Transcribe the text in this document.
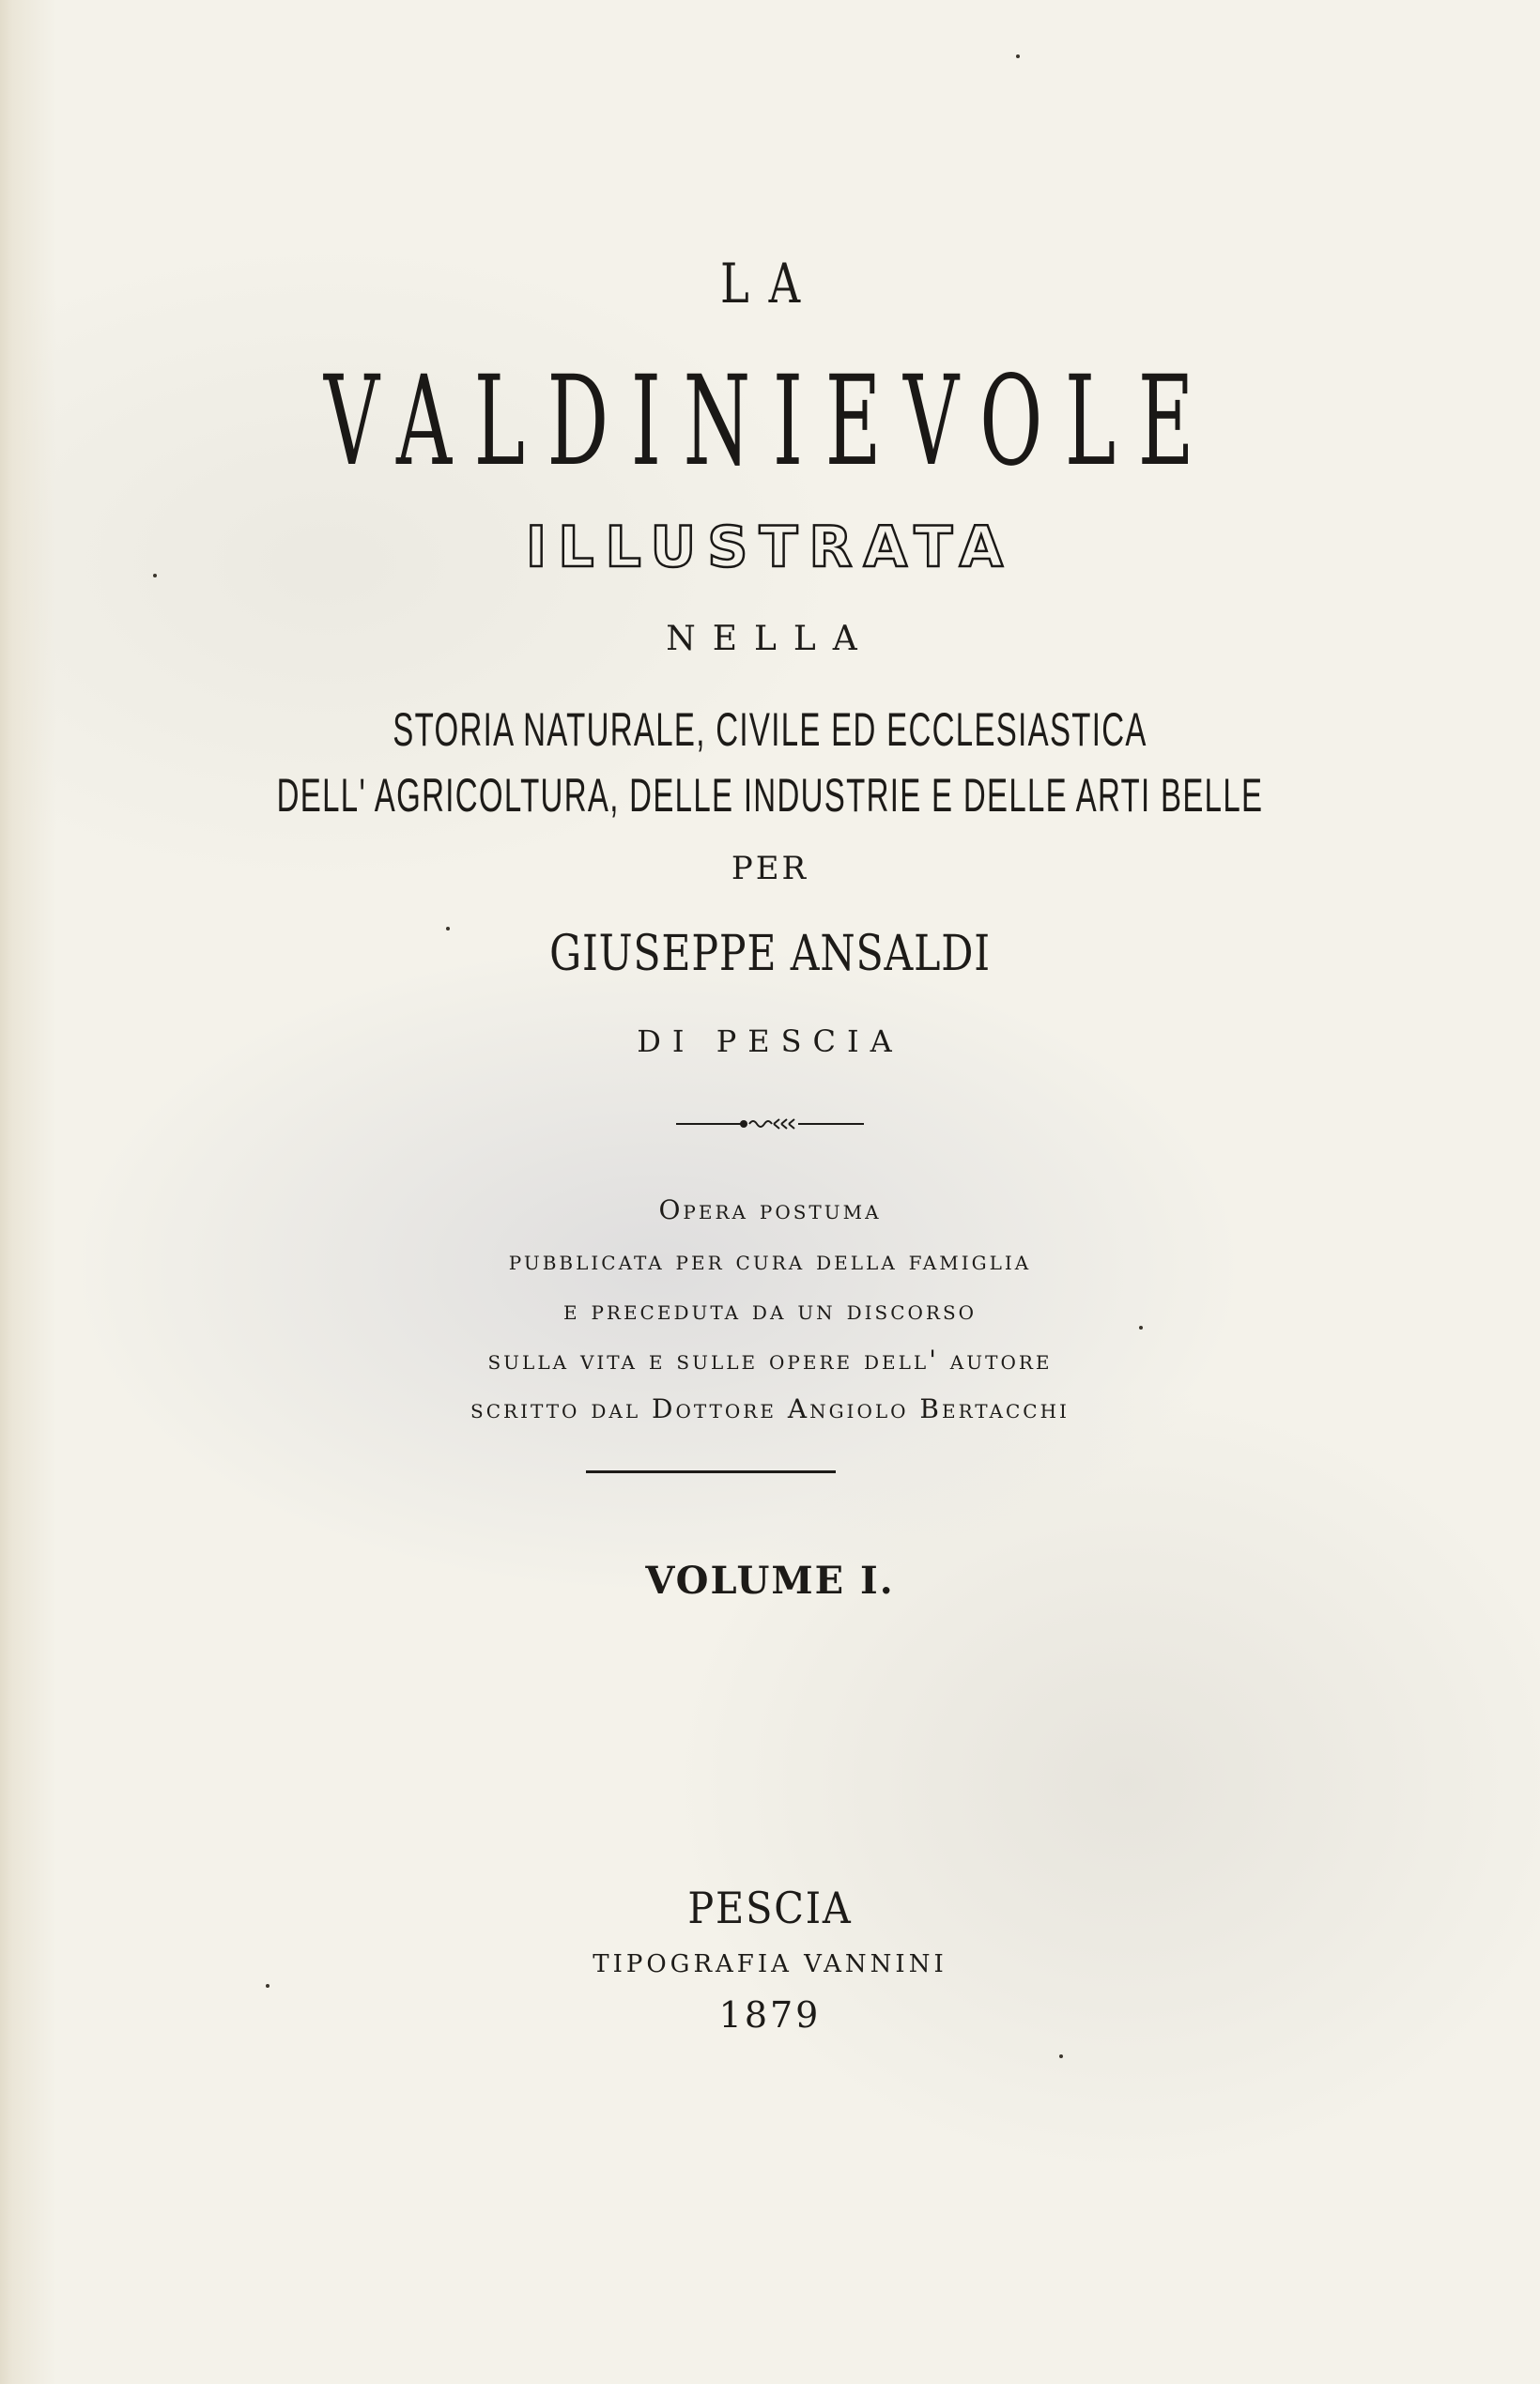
LA
VALDINIEVOLE
ILLUSTRATA
NELLA
STORIA NATURALE, CIVILE ED ECCLESIASTICA
DELL' AGRICOLTURA, DELLE INDUSTRIE E DELLE ARTI BELLE
PER
GIUSEPPE ANSALDI
DI PESCIA
Opera postuma
pubblicata per cura della famiglia
e preceduta da un discorso
sulla vita e sulle opere dell' autore
scritto dal Dottore Angiolo Bertacchi
VOLUME I.
PESCIA
TIPOGRAFIA VANNINI
1879
